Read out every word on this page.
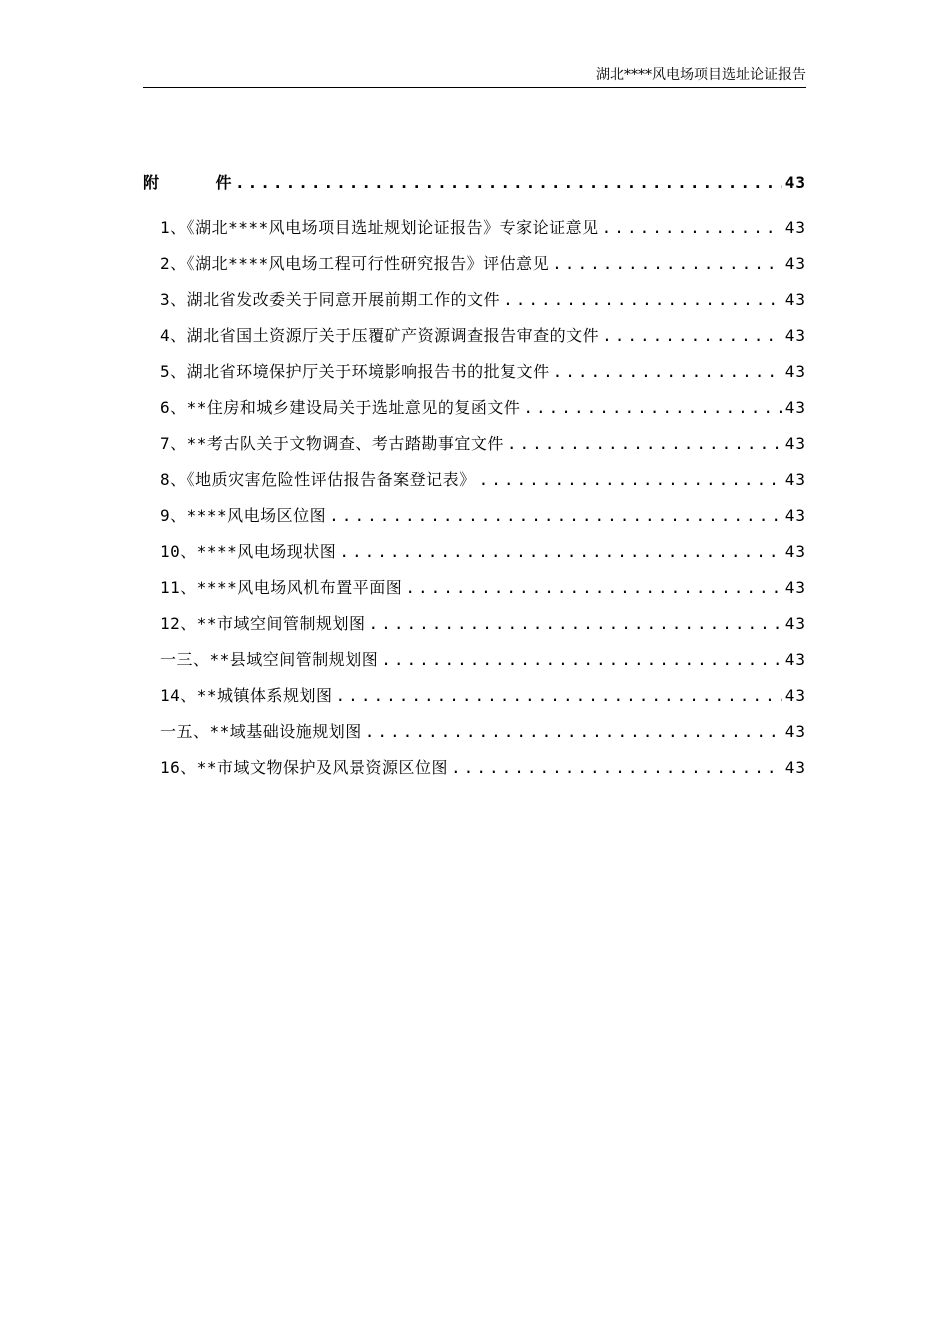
湖北****风电场项目选址论证报告
附	件 .....	43
1、《湖北****风电场项目选址规划论证报告》专家论证意见 .....	43
2、《湖北****风电场工程可行性研究报告》评估意见 .....	43
3、湖北省发改委关于同意开展前期工作的文件 .....	43
4、湖北省国土资源厅关于压覆矿产资源调查报告审查的文件 .....	43
5、湖北省环境保护厅关于环境影响报告书的批复文件 .....	43
6、**住房和城乡建设局关于选址意见的复函文件 .....	43
7、**考古队关于文物调查、考古踏勘事宜文件 .....	43
8、《地质灾害危险性评估报告备案登记表》 .....	43
9、****风电场区位图 .....	43
10、****风电场现状图 .....	43
11、****风电场风机布置平面图 .....	43
12、**市域空间管制规划图 .....	43
一三、**县域空间管制规划图 .....	43
14、**城镇体系规划图 .....	43
一五、**域基础设施规划图 .....	43
16、**市域文物保护及风景资源区位图 .....	43
